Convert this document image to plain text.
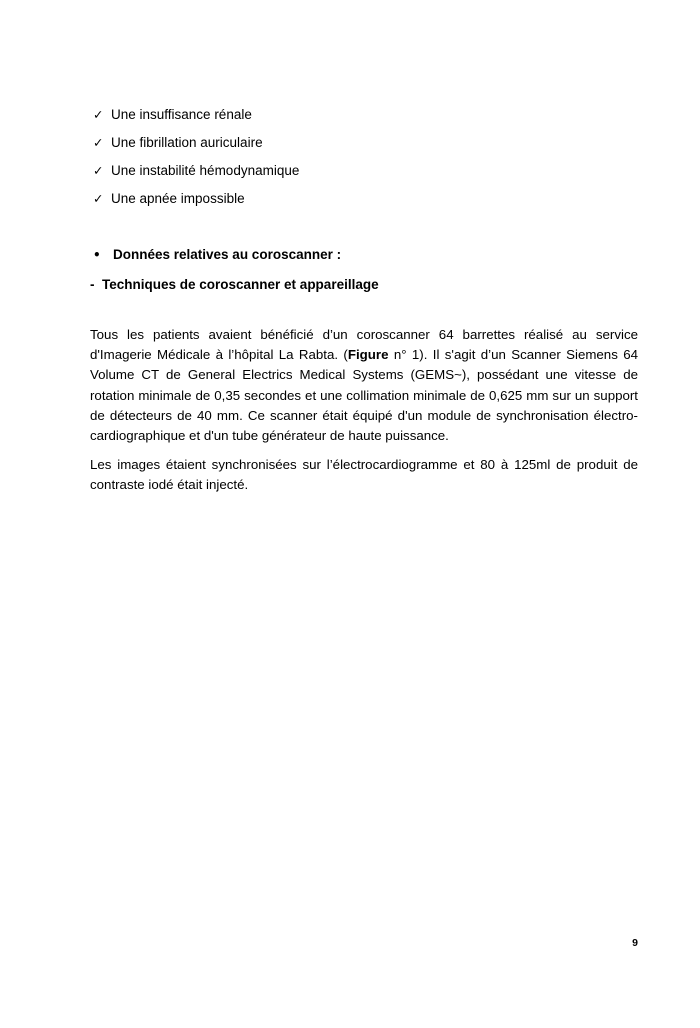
✓ Une insuffisance rénale
✓ Une fibrillation auriculaire
✓ Une instabilité hémodynamique
✓ Une apnée impossible
• Données relatives au coroscanner :
- Techniques de coroscanner et appareillage

Tous les patients avaient bénéficié d’un coroscanner 64 barrettes réalisé au service d'Imagerie Médicale à l’hôpital La Rabta. (Figure n° 1). Il s'agit d’un Scanner Siemens 64 Volume CT de General Electrics Medical Systems (GEMS~), possédant une vitesse de rotation minimale de 0,35 secondes et une collimation minimale de 0,625 mm sur un support de détecteurs de 40 mm. Ce scanner était équipé d'un module de synchronisation électro-cardiographique et d'un tube générateur de haute puissance.

Les images étaient synchronisées sur l’électrocardiogramme et 80 à 125ml de produit de contraste iodé était injecté.

9
